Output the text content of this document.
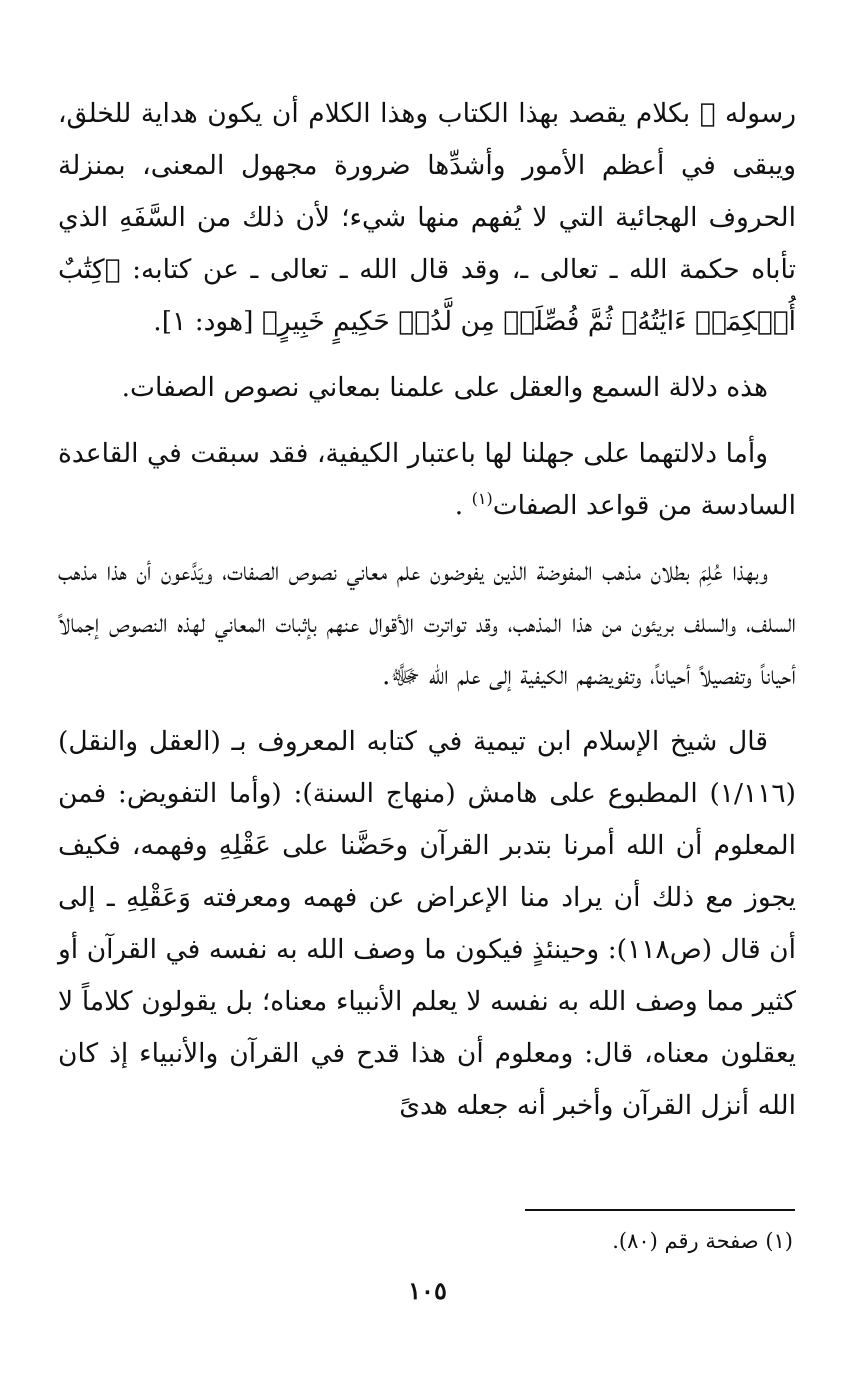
رسوله ﷺ بكلام يقصد بهذا الكتاب وهذا الكلام أن يكون هداية للخلق، ويبقى في أعظم الأمور وأشدِّها ضرورة مجهول المعنى، بمنزلة الحروف الهجائية التي لا يُفهم منها شيء؛ لأن ذلك من السَّفَهِ الذي تأباه حكمة الله ـ تعالى ـ، وقد قال الله ـ تعالى ـ عن كتابه: ﴿كِتَٰبٌ أُحۡكِمَتۡ ءَايَٰتُهُۥ ثُمَّ فُصِّلَتۡ مِن لَّدُنۡ حَكِيمٍ خَبِيرٍ﴾ [هود: ١].

هذه دلالة السمع والعقل على علمنا بمعاني نصوص الصفات.

وأما دلالتهما على جهلنا لها باعتبار الكيفية، فقد سبقت في القاعدة السادسة من قواعد الصفات$^{(١)}$ .

وبهذا عُلِمَ بطلان مذهب المفوضة الذين يفوضون علم معاني نصوص الصفات، ويَدَّعون أن هذا مذهب السلف، والسلف بريئون من هذا المذهب، وقد تواترت الأقوال عنهم بإثبات المعاني لهذه النصوص إجمالاً أحياناً وتفصيلاً أحياناً، وتفويضهم الكيفية إلى علم الله ﷻ.

قال شيخ الإسلام ابن تيمية في كتابه المعروف بـ (العقل والنقل) (١/١١٦) المطبوع على هامش (منهاج السنة): (وأما التفويض: فمن المعلوم أن الله أمرنا بتدبر القرآن وحَضَّنا على عَقْلِهِ وفهمه، فكيف يجوز مع ذلك أن يراد منا الإعراض عن فهمه ومعرفته وَعَقْلِهِ ـ إلى أن قال (ص١١٨): وحينئذٍ فيكون ما وصف الله به نفسه في القرآن أو كثير مما وصف الله به نفسه لا يعلم الأنبياء معناه؛ بل يقولون كلاماً لا يعقلون معناه، قال: ومعلوم أن هذا قدح في القرآن والأنبياء إذ كان الله أنزل القرآن وأخبر أنه جعله هدىً

(١) صفحة رقم (٨٠).
١٠٥
